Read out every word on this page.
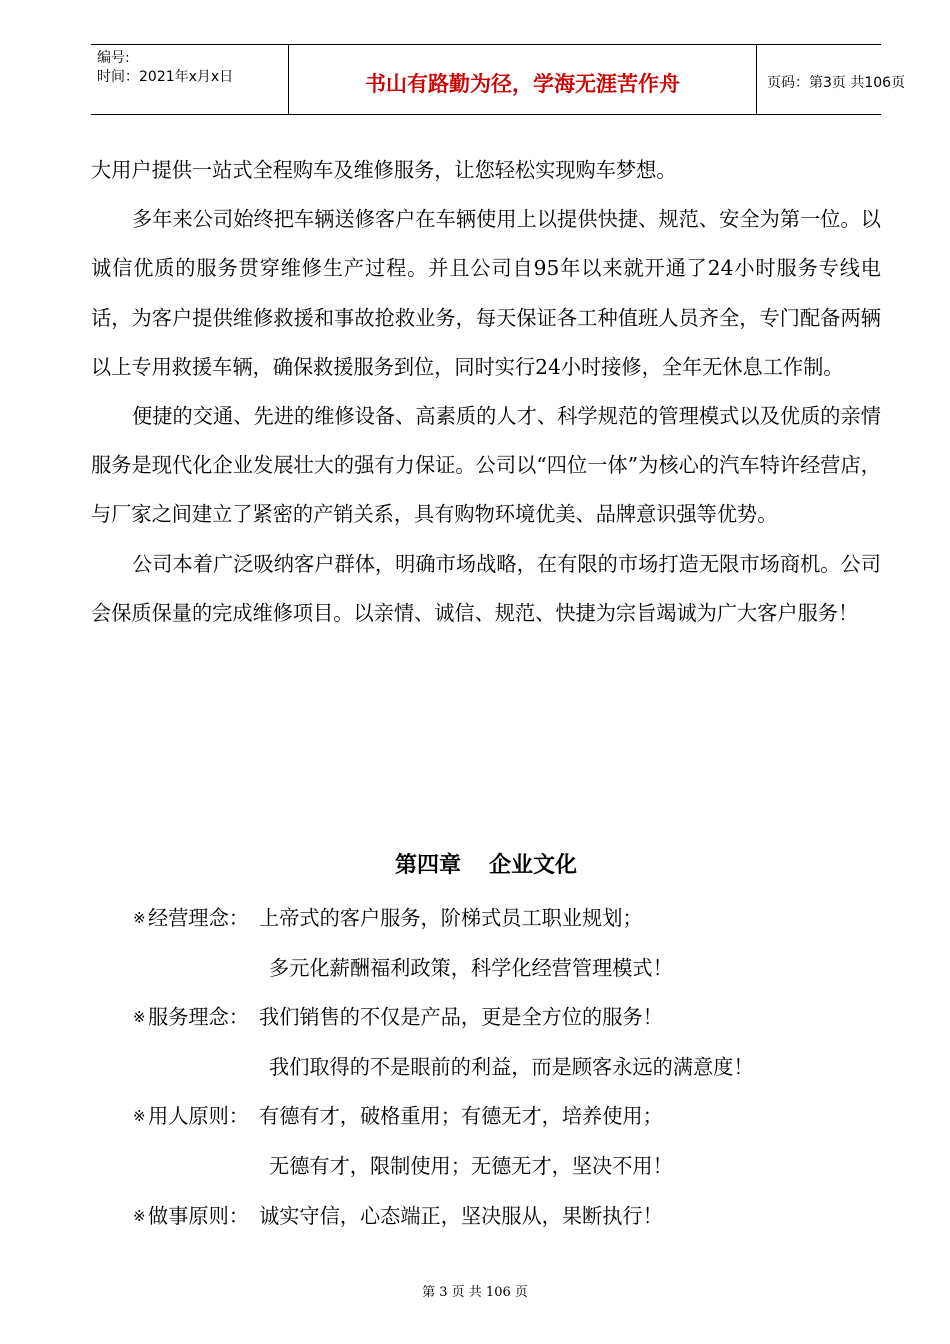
编号:
时间：2021年x月x日	书山有路勤为径，学海无涯苦作舟	页码：第3页 共106页

大用户提供一站式全程购车及维修服务，让您轻松实现购车梦想。

多年来公司始终把车辆送修客户在车辆使用上以提供快捷、规范、安全为第一位。以诚信优质的服务贯穿维修生产过程。并且公司自95年以来就开通了24小时服务专线电话，为客户提供维修救援和事故抢救业务，每天保证各工种值班人员齐全，专门配备两辆以上专用救援车辆，确保救援服务到位，同时实行24小时接修，全年无休息工作制。

便捷的交通、先进的维修设备、高素质的人才、科学规范的管理模式以及优质的亲情服务是现代化企业发展壮大的强有力保证。公司以“四位一体”为核心的汽车特许经营店，与厂家之间建立了紧密的产销关系，具有购物环境优美、品牌意识强等优势。

公司本着广泛吸纳客户群体，明确市场战略，在有限的市场打造无限市场商机。公司会保质保量的完成维修项目。以亲情、诚信、规范、快捷为宗旨竭诚为广大客户服务！

第四章 企业文化
※ 经营理念： 上帝式的客户服务，阶梯式员工职业规划；
多元化薪酬福利政策，科学化经营管理模式！
※ 服务理念： 我们销售的不仅是产品，更是全方位的服务！
我们取得的不是眼前的利益，而是顾客永远的满意度！
※ 用人原则： 有德有才，破格重用；有德无才，培养使用；
无德有才，限制使用；无德无才，坚决不用！
※ 做事原则： 诚实守信，心态端正，坚决服从，果断执行！
第 3 页 共 106 页
